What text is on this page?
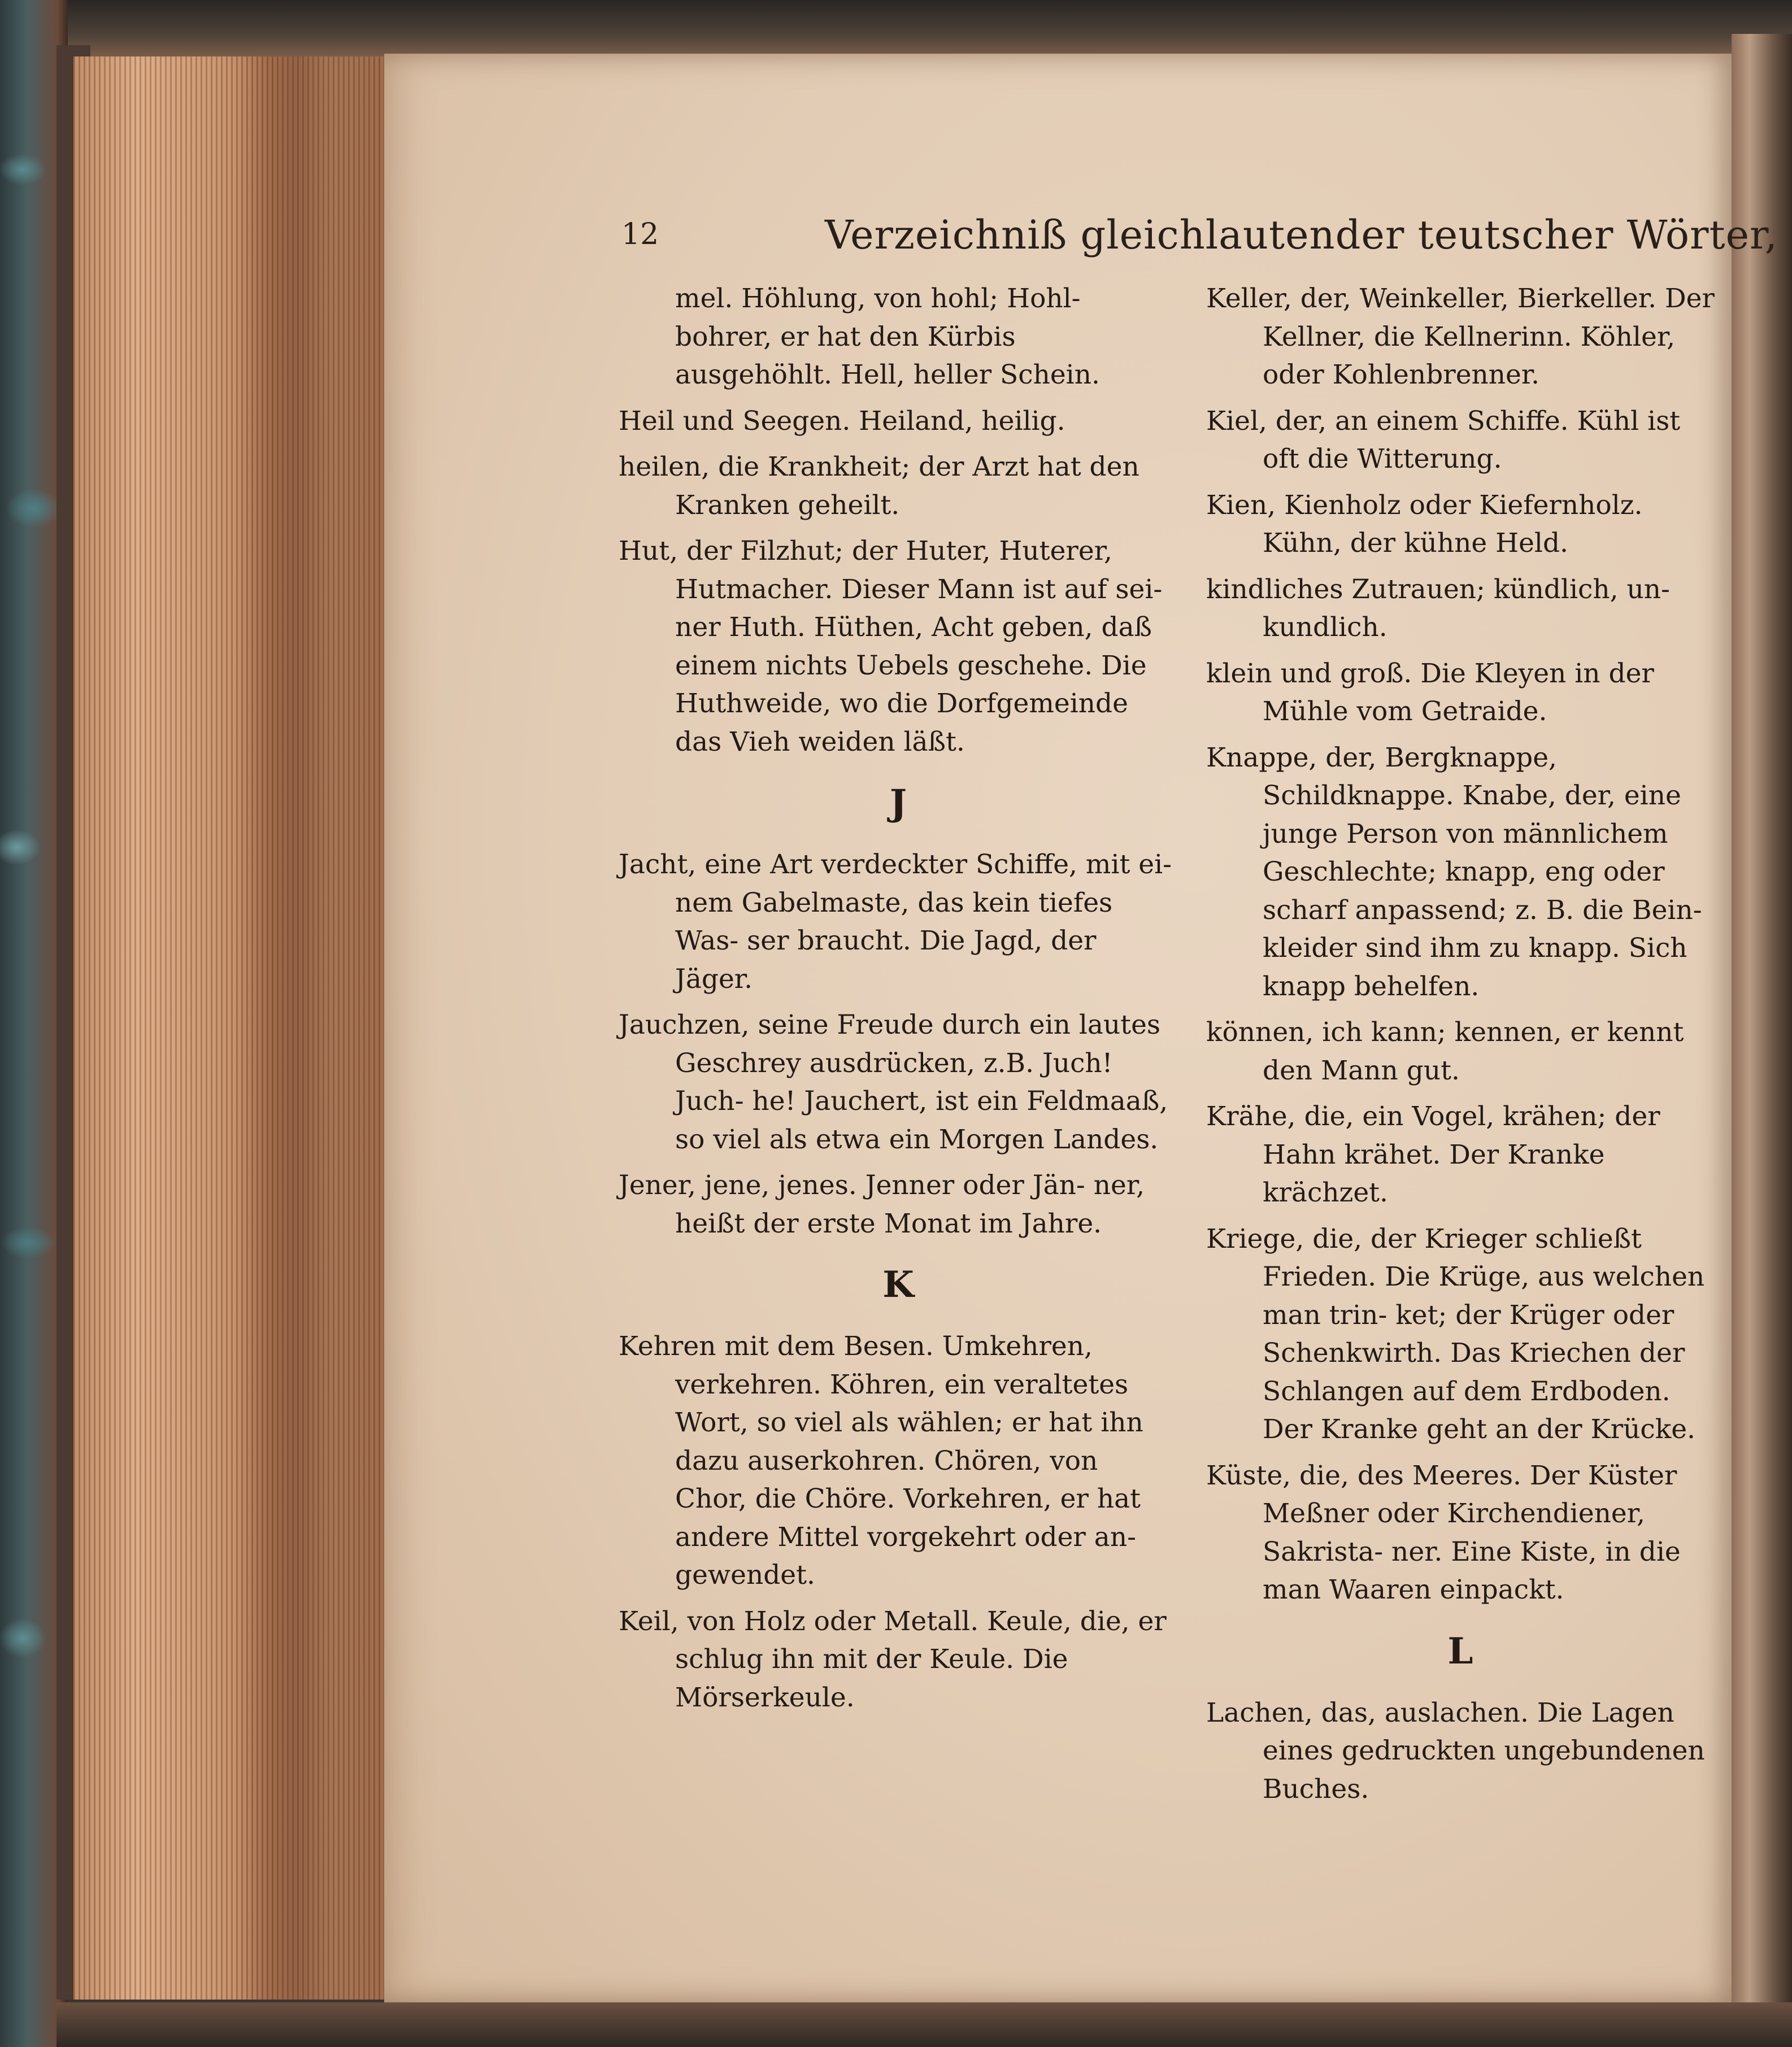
12	Verzeichniß gleichlautender teutscher Wörter,
mel. Höhlung, von hohl; Hohl- bohrer, er hat den Kürbis ausgehöhlt. Hell, heller Schein.
Heil und Seegen. Heiland, heilig.
heilen, die Krankheit; der Arzt hat den Kranken geheilt.
Hut, der Filzhut; der Huter, Huterer, Hutmacher. Dieser Mann ist auf sei- ner Huth. Hüthen, Acht geben, daß einem nichts Uebels geschehe. Die Huthweide, wo die Dorfgemeinde das Vieh weiden läßt.
J
Jacht, eine Art verdeckter Schiffe, mit ei- nem Gabelmaste, das kein tiefes Was- ser braucht. Die Jagd, der Jäger.
Jauchzen, seine Freude durch ein lautes Geschrey ausdrücken, z.B. Juch! Juch- he! Jauchert, ist ein Feldmaaß, so viel als etwa ein Morgen Landes.
Jener, jene, jenes. Jenner oder Jän- ner, heißt der erste Monat im Jahre.
K
Kehren mit dem Besen. Umkehren, verkehren. Köhren, ein veraltetes Wort, so viel als wählen; er hat ihn dazu auserkohren. Chören, von Chor, die Chöre. Vorkehren, er hat andere Mittel vorgekehrt oder an- gewendet.
Keil, von Holz oder Metall. Keule, die, er schlug ihn mit der Keule. Die Mörserkeule.
Keller, der, Weinkeller, Bierkeller. Der Kellner, die Kellnerinn. Köhler, oder Kohlenbrenner.
Kiel, der, an einem Schiffe. Kühl ist oft die Witterung.
Kien, Kienholz oder Kiefernholz. Kühn, der kühne Held.
kindliches Zutrauen; kündlich, un- kundlich.
klein und groß. Die Kleyen in der Mühle vom Getraide.
Knappe, der, Bergknappe, Schildknappe. Knabe, der, eine junge Person von männlichem Geschlechte; knapp, eng oder scharf anpassend; z. B. die Bein- kleider sind ihm zu knapp. Sich knapp behelfen.
können, ich kann; kennen, er kennt den Mann gut.
Krähe, die, ein Vogel, krähen; der Hahn krähet. Der Kranke krächzet.
Kriege, die, der Krieger schließt Frieden. Die Krüge, aus welchen man trin- ket; der Krüger oder Schenkwirth. Das Kriechen der Schlangen auf dem Erdboden. Der Kranke geht an der Krücke.
Küste, die, des Meeres. Der Küster Meßner oder Kirchendiener, Sakrista- ner. Eine Kiste, in die man Waaren einpackt.
L
Lachen, das, auslachen. Die Lagen eines gedruckten ungebundenen Buches.
